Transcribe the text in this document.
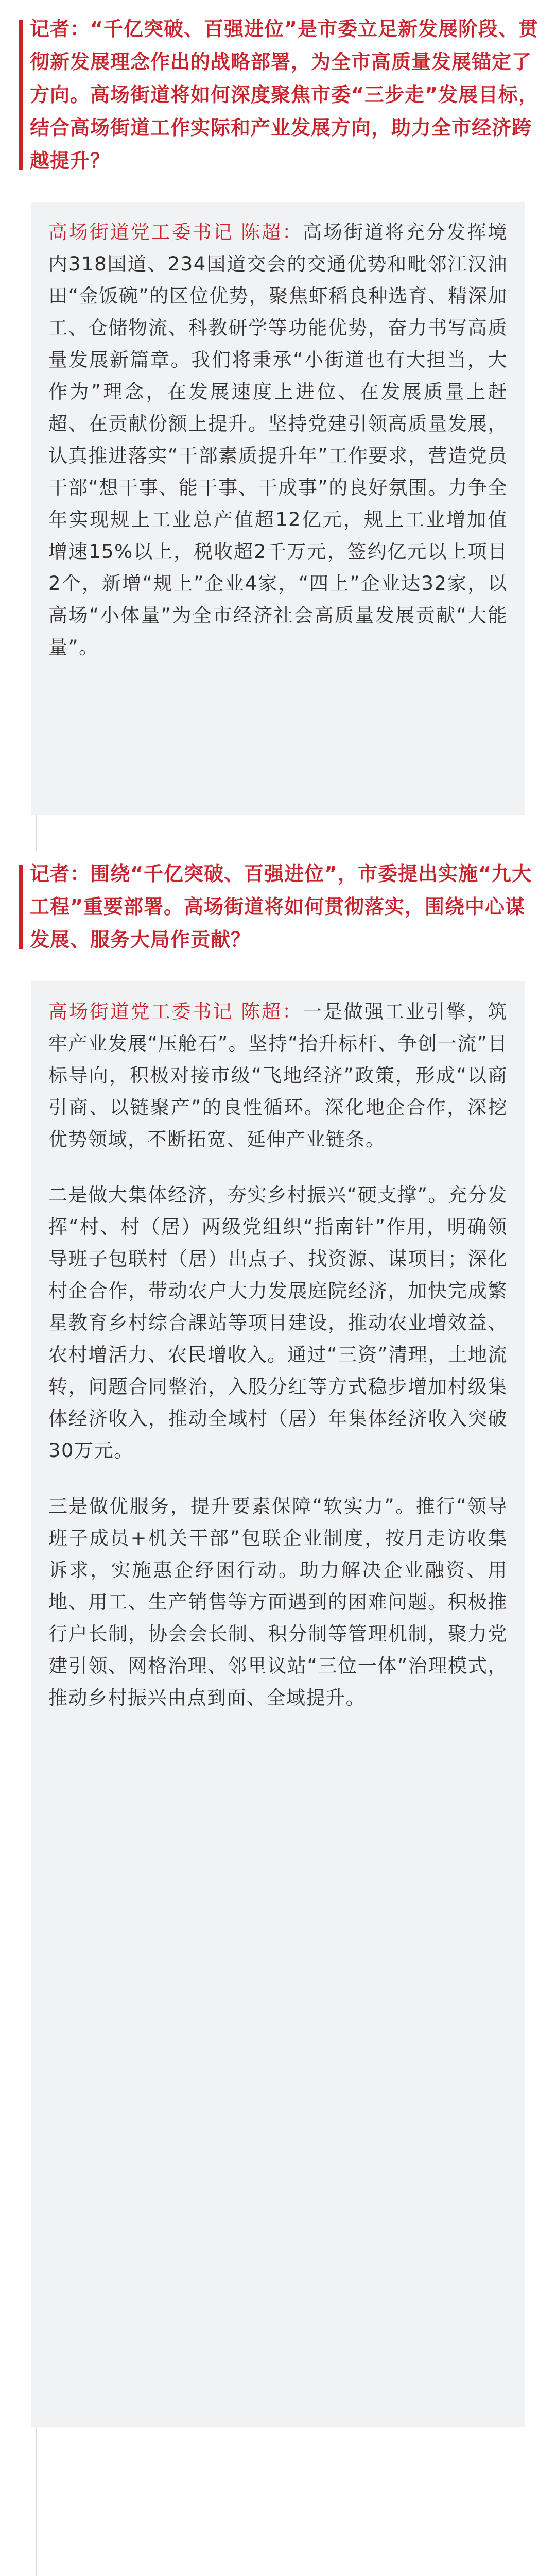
记者：“千亿突破、百强进位”是市委立足新发展阶段、贯彻新发展理念作出的战略部署，为全市高质量发展锚定了方向。高场街道将如何深度聚焦市委“三步走”发展目标，结合高场街道工作实际和产业发展方向，助力全市经济跨越提升？

高场街道党工委书记 陈超：高场街道将充分发挥境内318国道、234国道交会的交通优势和毗邻江汉油田“金饭碗”的区位优势，聚焦虾稻良种选育、精深加工、仓储物流、科教研学等功能优势，奋力书写高质量发展新篇章。我们将秉承“小街道也有大担当，大作为”理念，在发展速度上进位、在发展质量上赶超、在贡献份额上提升。坚持党建引领高质量发展，认真推进落实“干部素质提升年”工作要求，营造党员干部“想干事、能干事、干成事”的良好氛围。力争全年实现规上工业总产值超12亿元，规上工业增加值增速15%以上，税收超2千万元，签约亿元以上项目2个，新增“规上”企业4家，“四上”企业达32家，以高场“小体量”为全市经济社会高质量发展贡献“大能量”。

记者：围绕“千亿突破、百强进位”，市委提出实施“九大工程”重要部署。高场街道将如何贯彻落实，围绕中心谋发展、服务大局作贡献？

高场街道党工委书记 陈超：一是做强工业引擎，筑牢产业发展“压舱石”。坚持“抬升标杆、争创一流”目标导向，积极对接市级“飞地经济”政策，形成“以商引商、以链聚产”的良性循环。深化地企合作，深挖优势领域，不断拓宽、延伸产业链条。

二是做大集体经济，夯实乡村振兴“硬支撑”。充分发挥“村、村（居）两级党组织“指南针”作用，明确领导班子包联村（居）出点子、找资源、谋项目；深化村企合作，带动农户大力发展庭院经济，加快完成繁星教育乡村综合課站等项目建设，推动农业增效益、农村增活力、农民增收入。通过“三资”清理，土地流转，问题合同整治，入股分红等方式稳步增加村级集体经济收入，推动全域村（居）年集体经济收入突破30万元。

三是做优服务，提升要素保障“软实力”。推行“领导班子成员+机关干部”包联企业制度，按月走访收集诉求，实施惠企纾困行动。助力解决企业融资、用地、用工、生产销售等方面遇到的困难问题。积极推行户长制，协会会长制、积分制等管理机制，聚力党建引领、网格治理、邻里议站“三位一体”治理模式，推动乡村振兴由点到面、全域提升。
